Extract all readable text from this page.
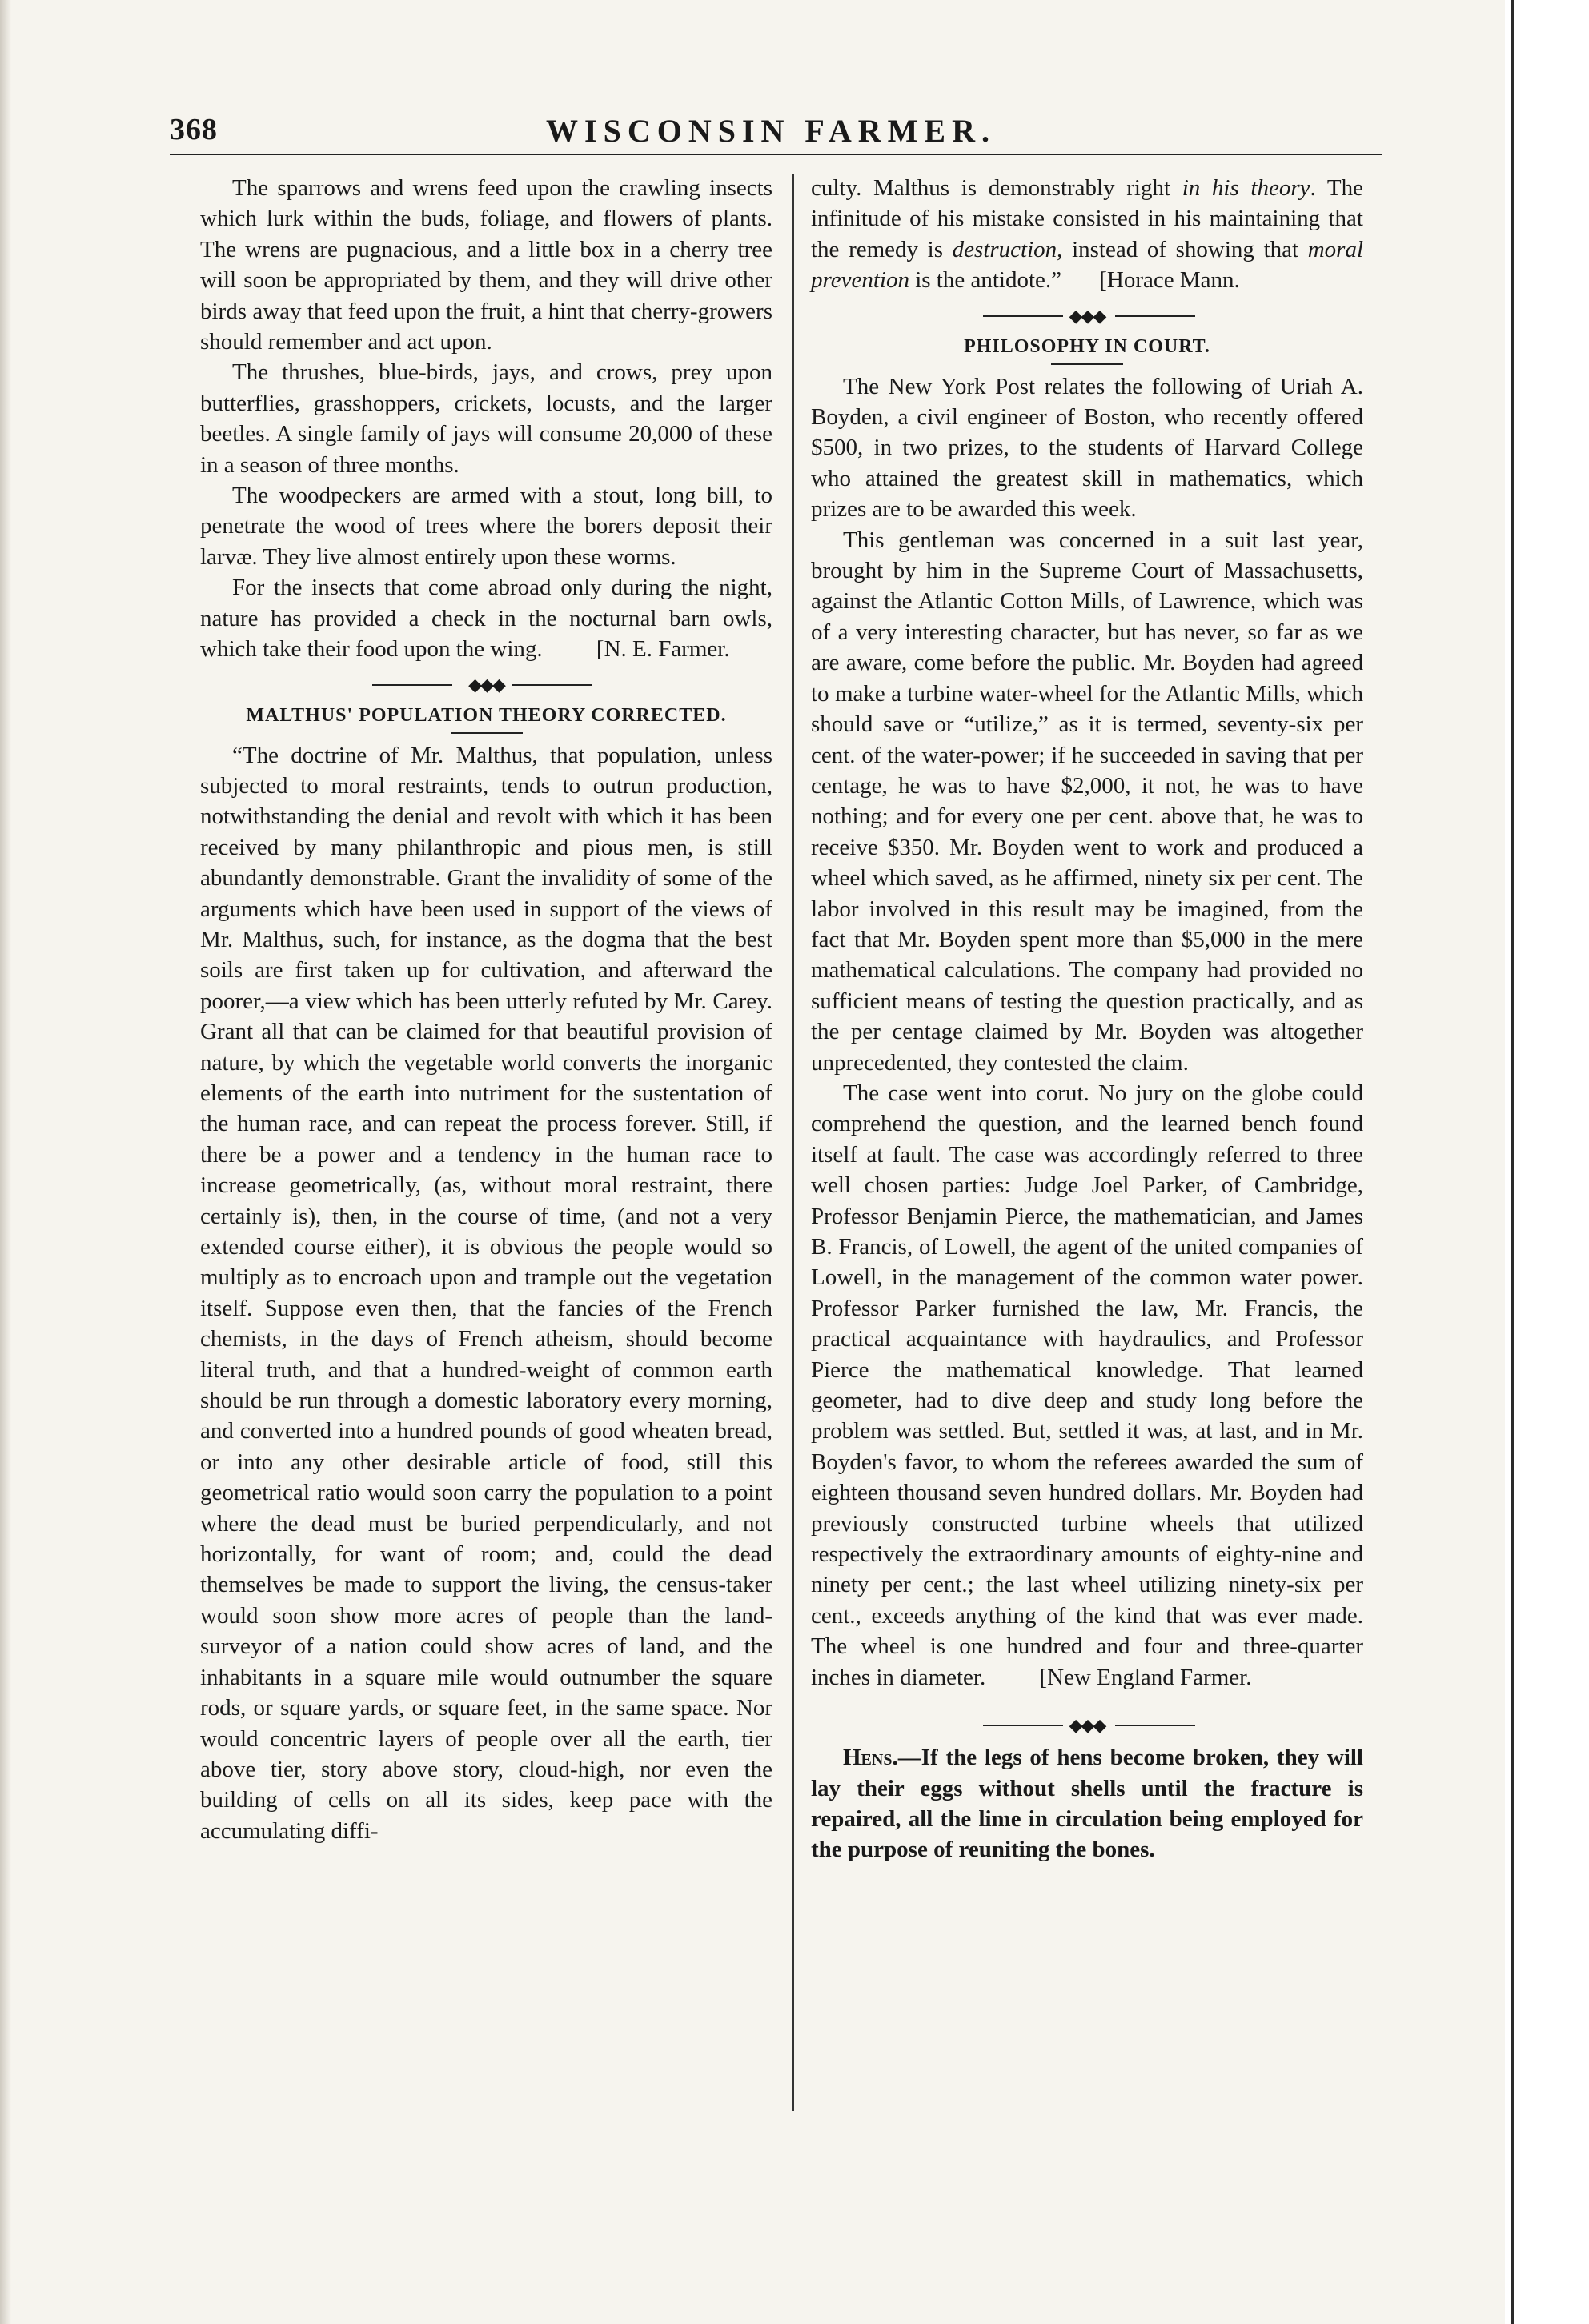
368	WISCONSIN FARMER.

The sparrows and wrens feed upon the crawling insects which lurk within the buds, foliage, and flowers of plants. The wrens are pugnacious, and a little box in a cherry tree will soon be appropriated by them, and they will drive other birds away that feed upon the fruit, a hint that cherry-growers should remember and act upon.

The thrushes, blue-birds, jays, and crows, prey upon butterflies, grasshoppers, crickets, locusts, and the larger beetles. A single family of jays will consume 20,000 of these in a season of three months.

The woodpeckers are armed with a stout, long bill, to penetrate the wood of trees where the borers deposit their larvæ. They live almost entirely upon these worms.

For the insects that come abroad only during the night, nature has provided a check in the nocturnal barn owls, which take their food upon the wing. [N. E. Farmer.

◆◆◆
MALTHUS' POPULATION THEORY CORRECTED.

“The doctrine of Mr. Malthus, that population, unless subjected to moral restraints, tends to outrun production, notwithstanding the denial and revolt with which it has been received by many philanthropic and pious men, is still abundantly demonstrable. Grant the invalidity of some of the arguments which have been used in support of the views of Mr. Malthus, such, for instance, as the dogma that the best soils are first taken up for cultivation, and afterward the poorer,—a view which has been utterly refuted by Mr. Carey. Grant all that can be claimed for that beautiful provision of nature, by which the vegetable world converts the inorganic elements of the earth into nutriment for the sustentation of the human race, and can repeat the process forever. Still, if there be a power and a tendency in the human race to increase geometrically, (as, without moral restraint, there certainly is), then, in the course of time, (and not a very extended course either), it is obvious the people would so multiply as to encroach upon and trample out the vegetation itself. Suppose even then, that the fancies of the French chemists, in the days of French atheism, should become literal truth, and that a hundred-weight of common earth should be run through a domestic laboratory every morning, and converted into a hundred pounds of good wheaten bread, or into any other desirable article of food, still this geometrical ratio would soon carry the population to a point where the dead must be buried perpendicularly, and not horizontally, for want of room; and, could the dead themselves be made to support the living, the census-taker would soon show more acres of people than the land-surveyor of a nation could show acres of land, and the inhabitants in a square mile would outnumber the square rods, or square yards, or square feet, in the same space. Nor would concentric layers of people over all the earth, tier above tier, story above story, cloud-high, nor even the building of cells on all its sides, keep pace with the accumulating diffi-

culty. Malthus is demonstrably right in his theory. The infinitude of his mistake consisted in his maintaining that the remedy is destruction, instead of showing that moral prevention is the antidote.” [Horace Mann.

◆◆◆
PHILOSOPHY IN COURT.

The New York Post relates the following of Uriah A. Boyden, a civil engineer of Boston, who recently offered $500, in two prizes, to the students of Harvard College who attained the greatest skill in mathematics, which prizes are to be awarded this week.

This gentleman was concerned in a suit last year, brought by him in the Supreme Court of Massachusetts, against the Atlantic Cotton Mills, of Lawrence, which was of a very interesting character, but has never, so far as we are aware, come before the public. Mr. Boyden had agreed to make a turbine water-wheel for the Atlantic Mills, which should save or “utilize,” as it is termed, seventy-six per cent. of the water-power; if he succeeded in saving that per centage, he was to have $2,000, it not, he was to have nothing; and for every one per cent. above that, he was to receive $350. Mr. Boyden went to work and produced a wheel which saved, as he affirmed, ninety six per cent. The labor involved in this result may be imagined, from the fact that Mr. Boyden spent more than $5,000 in the mere mathematical calculations. The company had provided no sufficient means of testing the question practically, and as the per centage claimed by Mr. Boyden was altogether unprecedented, they contested the claim.

The case went into corut. No jury on the globe could comprehend the question, and the learned bench found itself at fault. The case was accordingly referred to three well chosen parties: Judge Joel Parker, of Cambridge, Professor Benjamin Pierce, the mathematician, and James B. Francis, of Lowell, the agent of the united companies of Lowell, in the management of the common water power. Professor Parker furnished the law, Mr. Francis, the practical acquaintance with haydraulics, and Professor Pierce the mathematical knowledge. That learned geometer, had to dive deep and study long before the problem was settled. But, settled it was, at last, and in Mr. Boyden's favor, to whom the referees awarded the sum of eighteen thousand seven hundred dollars. Mr. Boyden had previously constructed turbine wheels that utilized respectively the extraordinary amounts of eighty-nine and ninety per cent.; the last wheel utilizing ninety-six per cent., exceeds anything of the kind that was ever made. The wheel is one hundred and four and three-quarter inches in diameter. [New England Farmer.

◆◆◆

Hens.—If the legs of hens become broken, they will lay their eggs without shells until the fracture is repaired, all the lime in circulation being employed for the purpose of reuniting the bones.
